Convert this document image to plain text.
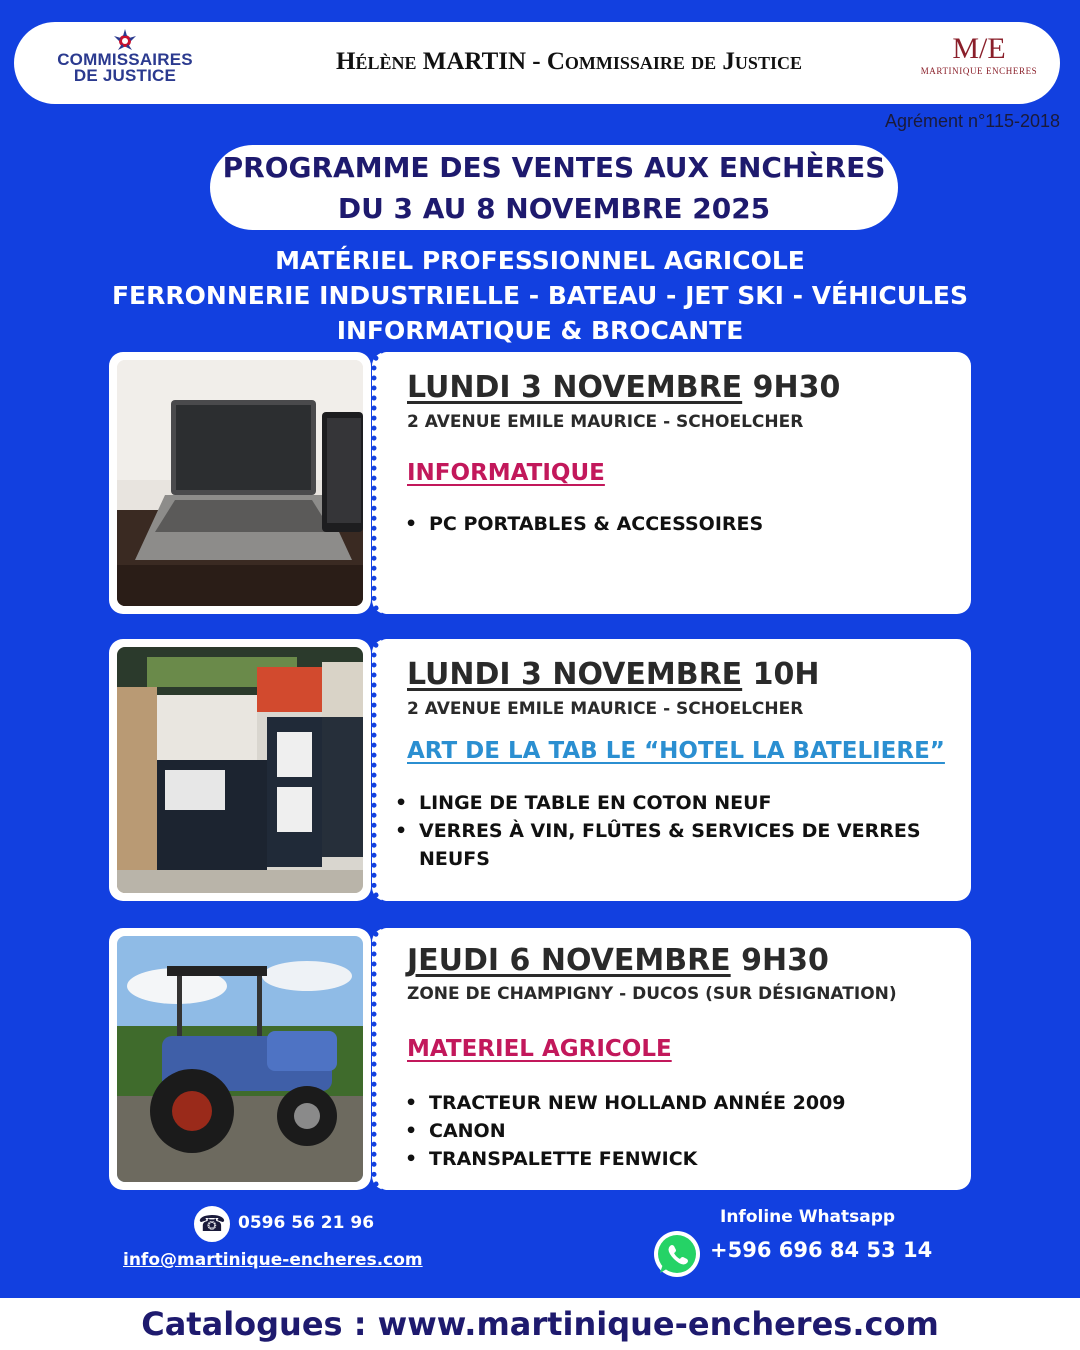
COMMISSAIRES
DE JUSTICE
Hélène MARTIN - Commissaire de Justice	M/E
MARTINIQUE ENCHERES
Agrément n°115-2018
PROGRAMME DES VENTES AUX ENCHÈRES
DU 3 AU 8 NOVEMBRE 2025
MATÉRIEL PROFESSIONNEL AGRICOLE
FERRONNERIE INDUSTRIELLE - BATEAU - JET SKI - VÉHICULES
INFORMATIQUE & BROCANTE
LUNDI 3 NOVEMBRE 9H30
2 AVENUE EMILE MAURICE - SCHOELCHER
INFORMATIQUE
• PC PORTABLES & ACCESSOIRES
LUNDI 3 NOVEMBRE 10H
2 AVENUE EMILE MAURICE - SCHOELCHER
ART DE LA TAB LE “HOTEL LA BATELIERE”
• LINGE DE TABLE EN COTON NEUF
• VERRES À VIN, FLÛTES & SERVICES DE VERRES NEUFS
JEUDI 6 NOVEMBRE 9H30
ZONE DE CHAMPIGNY - DUCOS (SUR DÉSIGNATION)
MATERIEL AGRICOLE
• TRACTEUR NEW HOLLAND ANNÉE 2009
• CANON
• TRANSPALETTE FENWICK
☎ 0596 56 21 96
info@martinique-encheres.com
Infoline Whatsapp
+596 696 84 53 14
Catalogues : www.martinique-encheres.com
